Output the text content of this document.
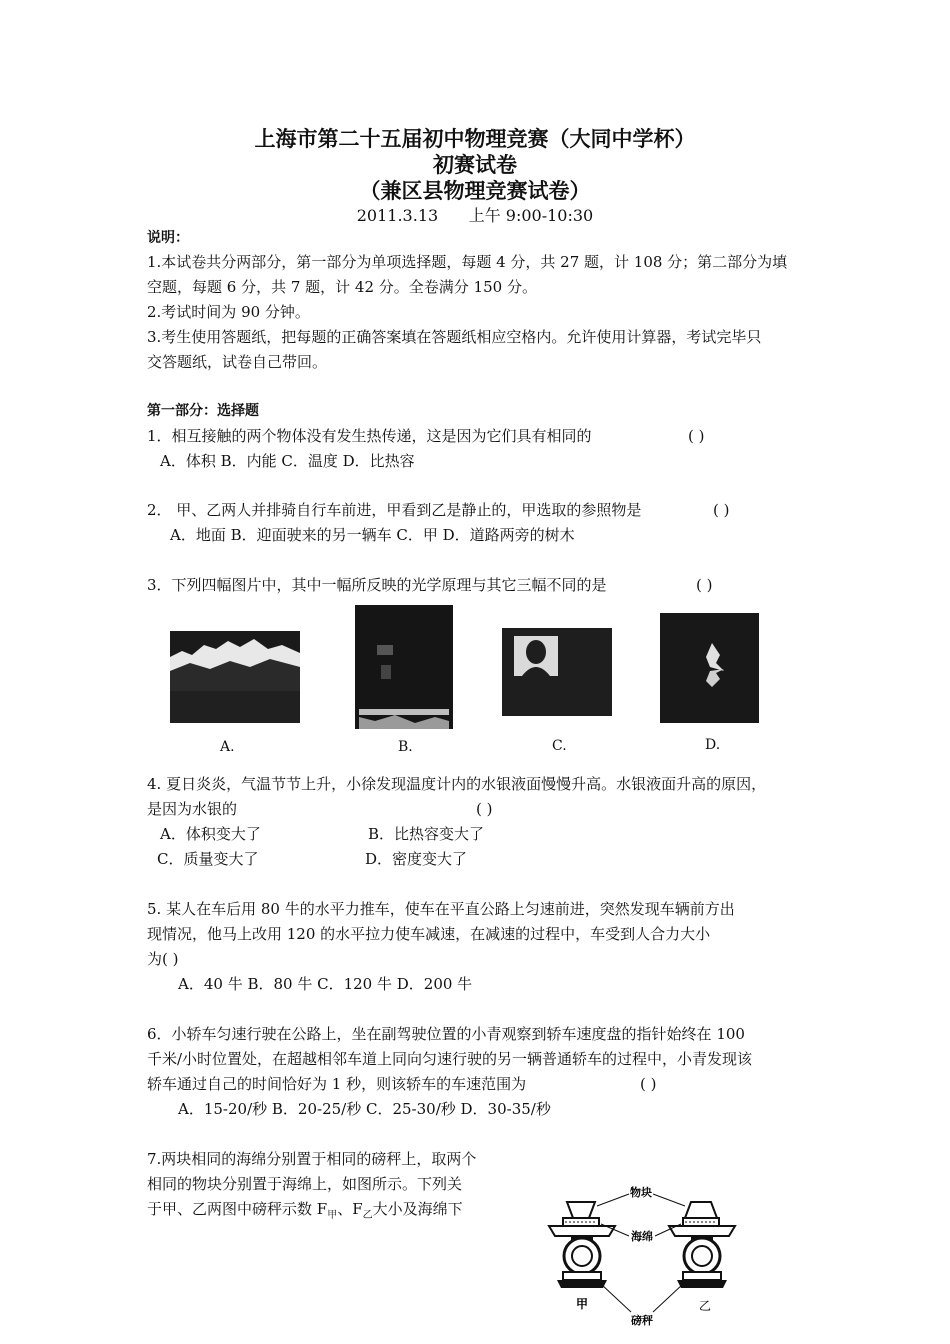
上海市第二十五届初中物理竞赛（大同中学杯）
初赛试卷
（兼区县物理竞赛试卷）
2011.3.13 上午 9:00-10:30
说明：
1.本试卷共分两部分，第一部分为单项选择题，每题 4 分，共 27 题，计 108 分；第二部分为填
空题，每题 6 分，共 7 题，计 42 分。全卷满分 150 分。
2.考试时间为 90 分钟。
3.考生使用答题纸，把每题的正确答案填在答题纸相应空格内。允许使用计算器，考试完毕只
交答题纸，试卷自己带回。
第一部分：选择题
1．相互接触的两个物体没有发生热传递，这是因为它们具有相同的	( )
A．体积 B．内能 C．温度 D．比热容
2． 甲、乙两人并排骑自行车前进，甲看到乙是静止的，甲选取的参照物是	( )
A．地面 B．迎面驶来的另一辆车 C．甲 D．道路两旁的树木
3．下列四幅图片中，其中一幅所反映的光学原理与其它三幅不同的是	( )
A.	B.	C.	D.
4. 夏日炎炎，气温节节上升，小徐发现温度计内的水银液面慢慢升高。水银液面升高的原因，
是因为水银的	( )
A．体积变大了	B．比热容变大了
C．质量变大了	D．密度变大了
5. 某人在车后用 80 牛的水平力推车，使车在平直公路上匀速前进，突然发现车辆前方出
现情况，他马上改用 120 的水平拉力使车减速，在减速的过程中，车受到人合力大小
为( )
A．40 牛 B．80 牛 C．120 牛 D．200 牛
6．小轿车匀速行驶在公路上，坐在副驾驶位置的小青观察到轿车速度盘的指针始终在 100
千米/小时位置处，在超越相邻车道上同向匀速行驶的另一辆普通轿车的过程中，小青发现该
轿车通过自己的时间恰好为 1 秒，则该轿车的车速范围为	( )
A．15-20/秒 B．20-25/秒 C．25-30/秒 D．30-35/秒
7.两块相同的海绵分别置于相同的磅秤上，取两个
相同的物块分别置于海绵上，如图所示。下列关
于甲、乙两图中磅秤示数 $F_甲$、$F_乙$大小及海绵下
物块
海绵
磅秤
甲	乙
